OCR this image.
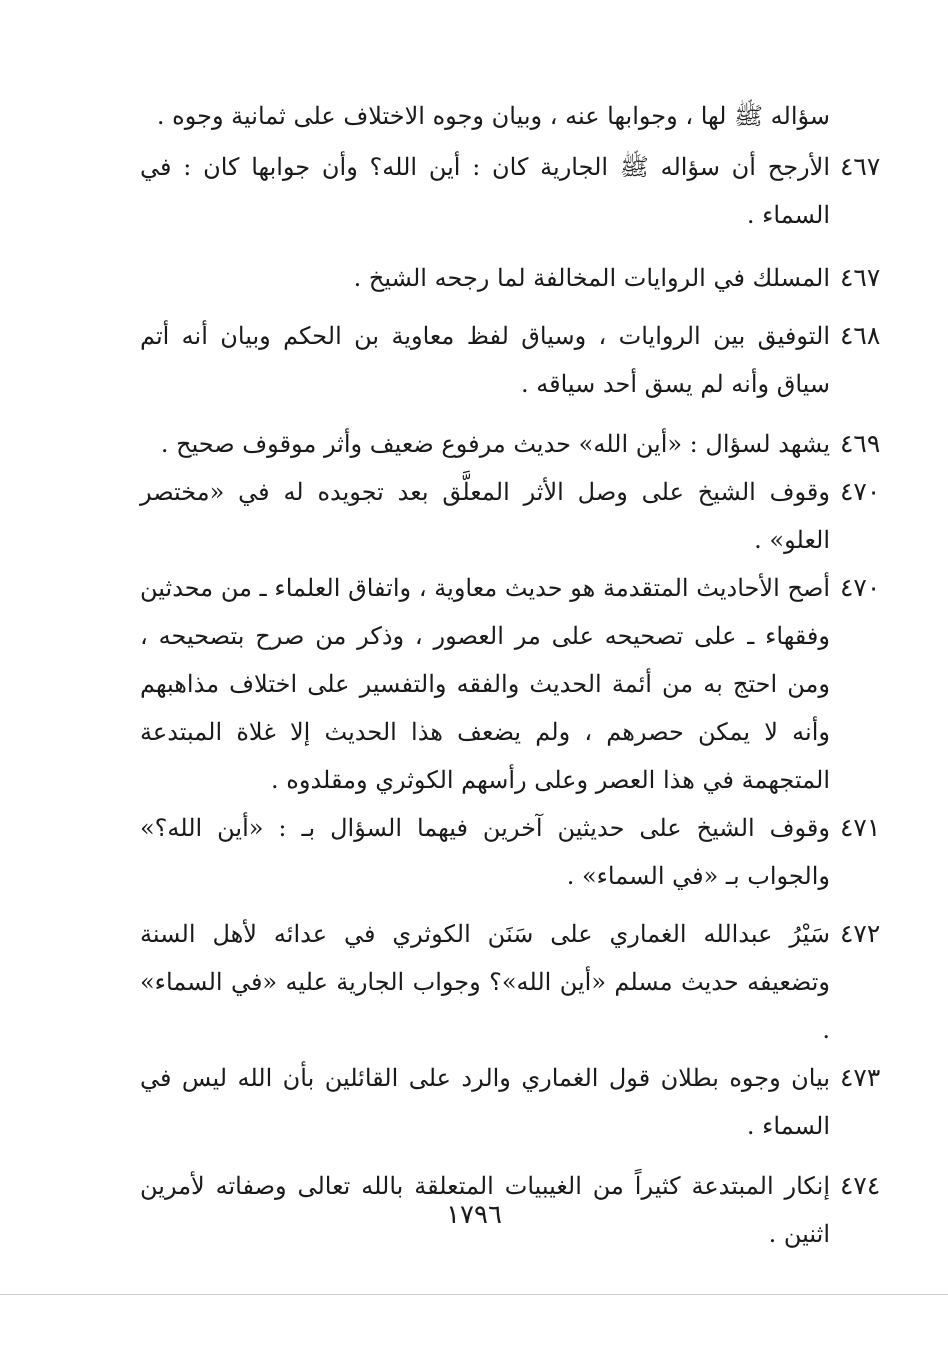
سؤاله ﷺ لها ، وجوابها عنه ، وبيان وجوه الاختلاف على ثمانية وجوه .

٤٦٧

الأرجح أن سؤاله ﷺ الجارية كان : أين الله؟ وأن جوابها كان : في السماء .

٤٦٧

المسلك في الروايات المخالفة لما رجحه الشيخ .

٤٦٨

التوفيق بين الروايات ، وسياق لفظ معاوية بن الحكم وبيان أنه أتم سياق وأنه لم يسق أحد سياقه .

٤٦٩

يشهد لسؤال : «أين الله» حديث مرفوع ضعيف وأثر موقوف صحيح .

٤٧٠

وقوف الشيخ على وصل الأثر المعلَّق بعد تجويده له في «مختصر العلو» .

٤٧٠

أصح الأحاديث المتقدمة هو حديث معاوية ، واتفاق العلماء ـ من محدثين وفقهاء ـ على تصحيحه على مر العصور ، وذكر من صرح بتصحيحه ، ومن احتج به من أئمة الحديث والفقه والتفسير على اختلاف مذاهبهم وأنه لا يمكن حصرهم ، ولم يضعف هذا الحديث إلا غلاة المبتدعة المتجهمة في هذا العصر وعلى رأسهم الكوثري ومقلدوه .

٤٧١

وقوف الشيخ على حديثين آخرين فيهما السؤال بـ : «أين الله؟» والجواب بـ «في السماء» .

٤٧٢

سَيْرُ عبدالله الغماري على سَنَن الكوثري في عدائه لأهل السنة وتضعيفه حديث مسلم «أين الله»؟ وجواب الجارية عليه «في السماء» .

٤٧٣

بيان وجوه بطلان قول الغماري والرد على القائلين بأن الله ليس في السماء .

٤٧٤

إنكار المبتدعة كثيراً من الغيبيات المتعلقة بالله تعالى وصفاته لأمرين اثنين .

١٧٩٦
